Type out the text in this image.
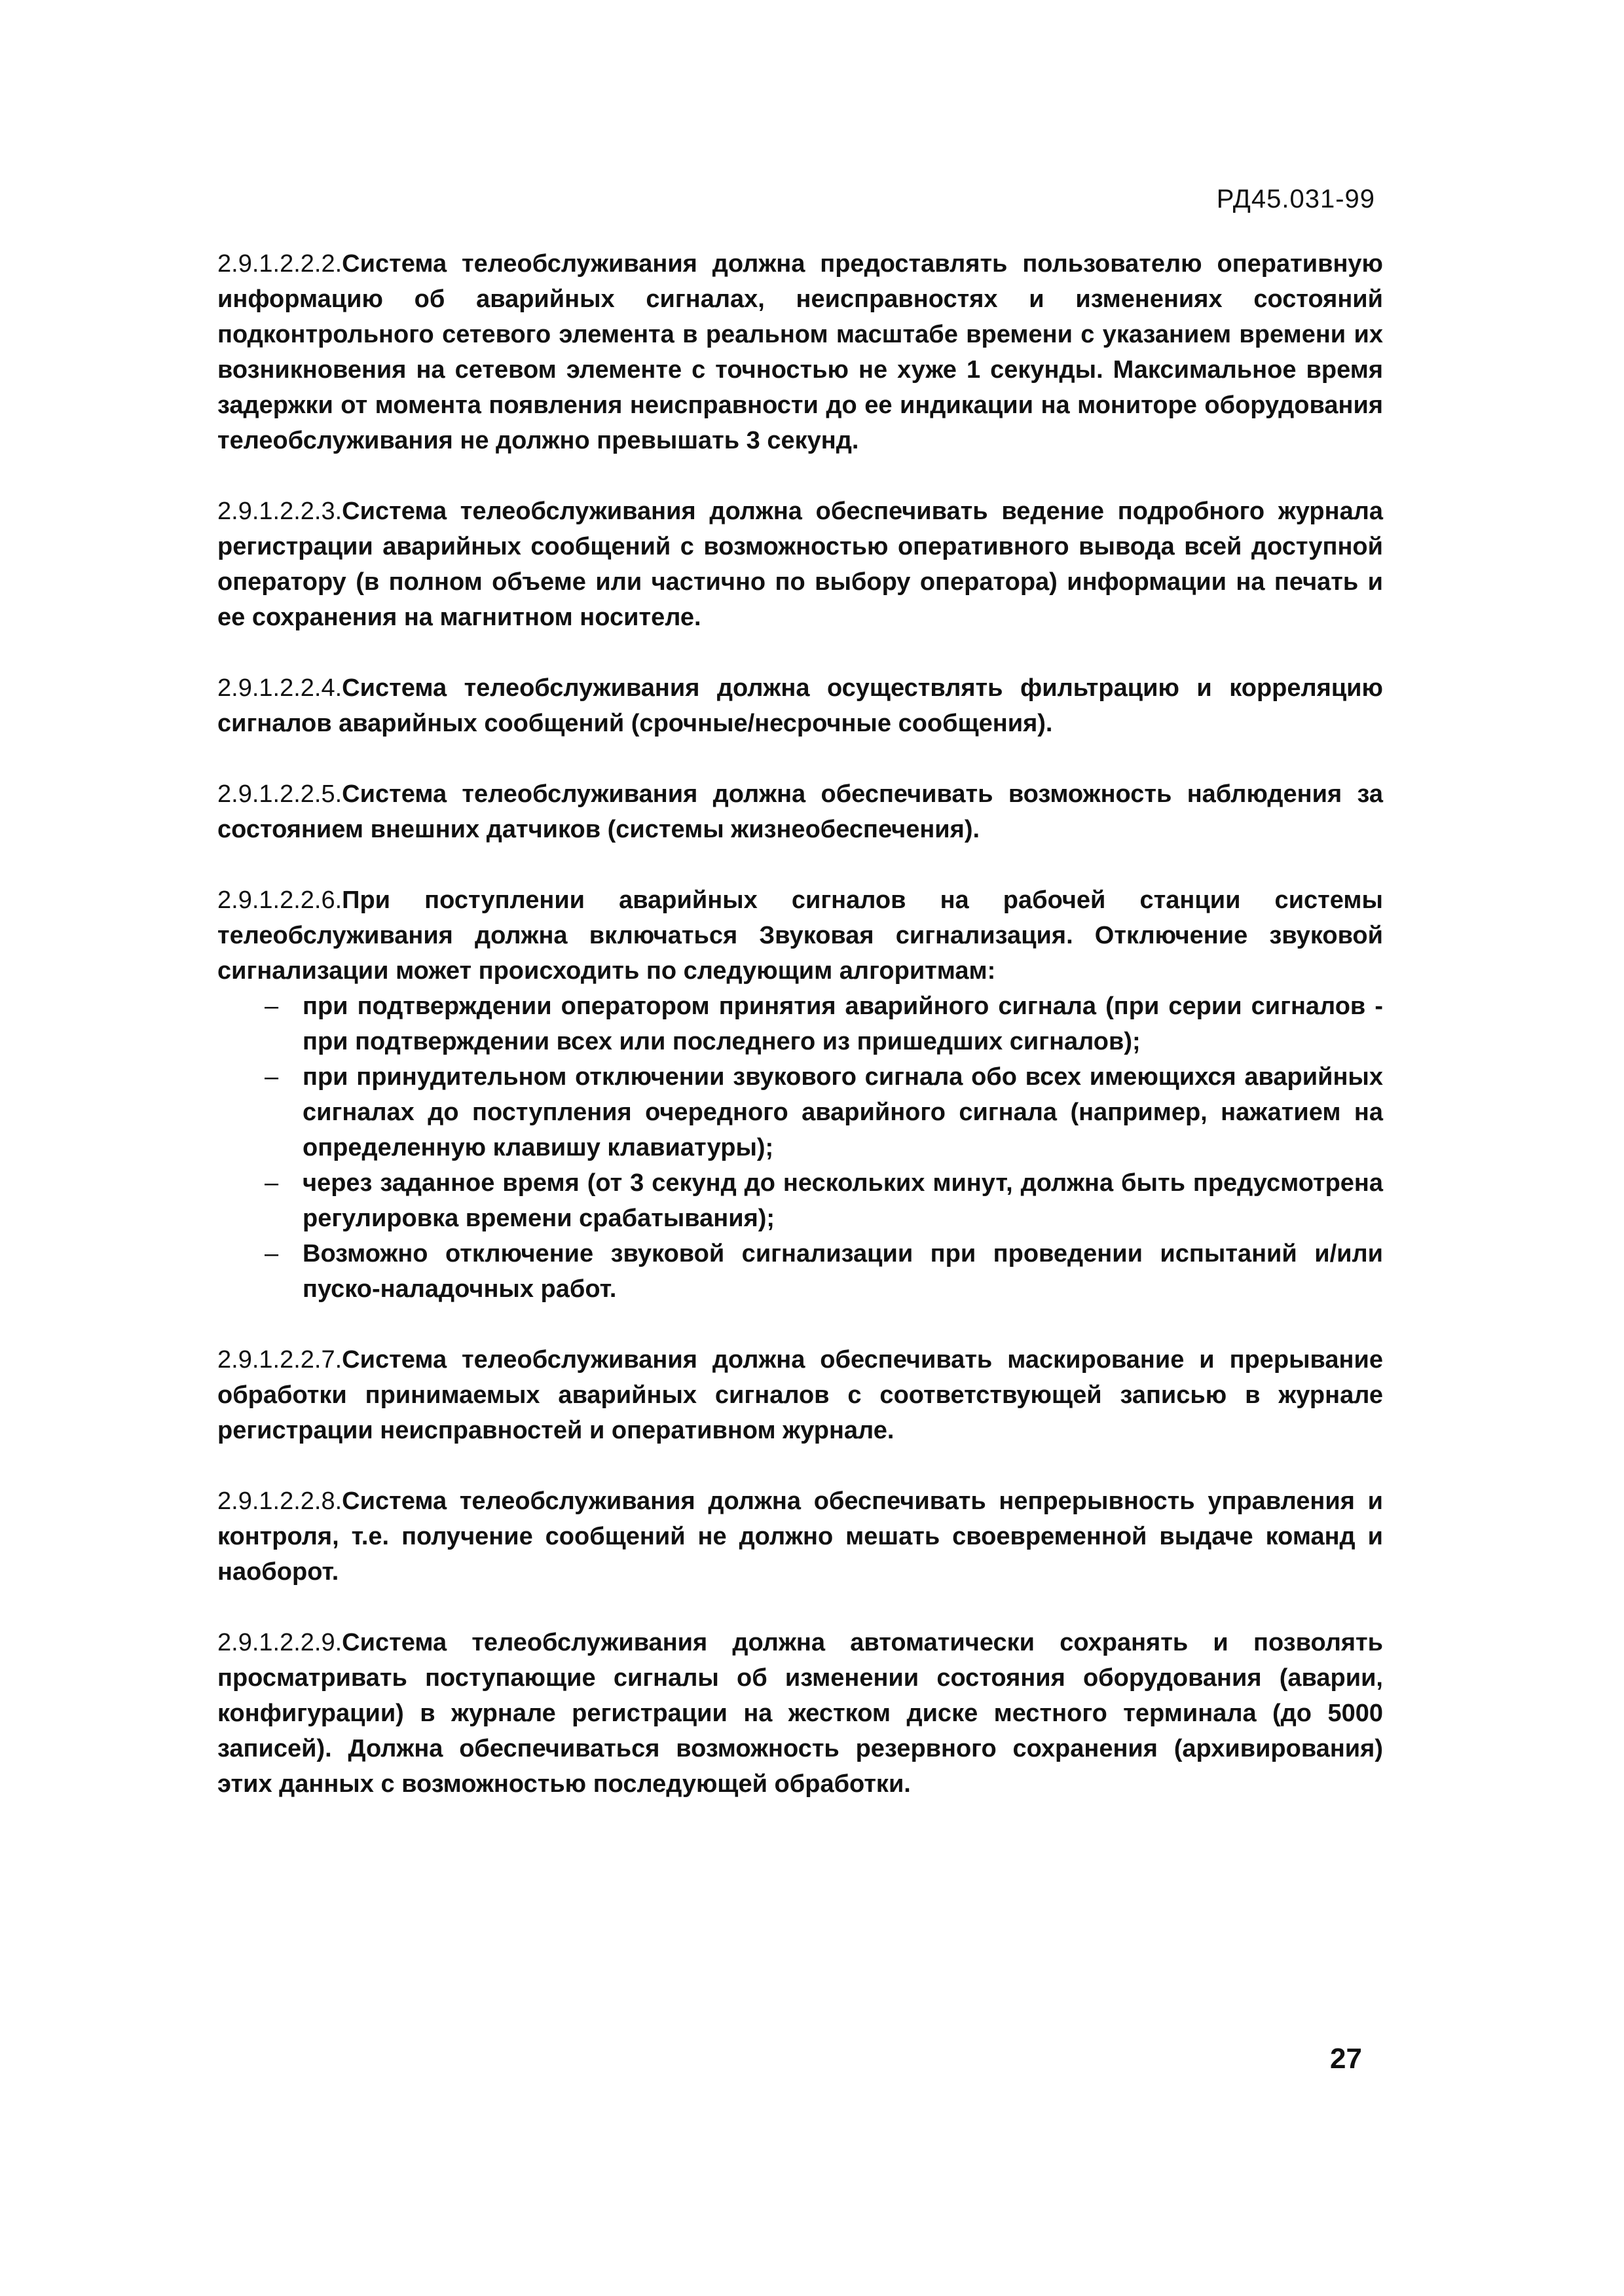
РД45.031-99

2.9.1.2.2.2.Система телеобслуживания должна предоставлять пользователю оперативную информацию об аварийных сигналах, неисправностях и изменениях состояний подконтрольного сетевого элемента в реальном масштабе времени с указанием времени их возникновения на сетевом элементе с точностью не хуже 1 секунды. Максимальное время задержки от момента появления неисправности до ее индикации на мониторе оборудования телеобслуживания не должно превышать 3 секунд.

2.9.1.2.2.3.Система телеобслуживания должна обеспечивать ведение подробного журнала регистрации аварийных сообщений с возможностью оперативного вывода всей доступной оператору (в полном объеме или частично по выбору оператора) информации на печать и ее сохранения на магнитном носителе.

2.9.1.2.2.4.Система телеобслуживания должна осуществлять фильтрацию и корреляцию сигналов аварийных сообщений (срочные/несрочные сообщения).

2.9.1.2.2.5.Система телеобслуживания должна обеспечивать возможность наблюдения за состоянием внешних датчиков (системы жизнеобеспечения).

2.9.1.2.2.6.При поступлении аварийных сигналов на рабочей станции системы телеобслуживания должна включаться Звуковая сигнализация. Отключение звуковой сигнализации может происходить по следующим алгоритмам:

– при подтверждении оператором принятия аварийного сигнала (при серии сигналов - при подтверждении всех или последнего из пришедших сигналов);
– при принудительном отключении звукового сигнала обо всех имеющихся аварийных сигналах до поступления очередного аварийного сигнала (например, нажатием на определенную клавишу клавиатуры);
– через заданное время (от 3 секунд до нескольких минут, должна быть предусмотрена регулировка времени срабатывания);
– Возможно отключение звуковой сигнализации при проведении испытаний и/или пуско-наладочных работ.

2.9.1.2.2.7.Система телеобслуживания должна обеспечивать маскирование и прерывание обработки принимаемых аварийных сигналов с соответствующей записью в журнале регистрации неисправностей и оперативном журнале.

2.9.1.2.2.8.Система телеобслуживания должна обеспечивать непрерывность управления и контроля, т.е. получение сообщений не должно мешать своевременной выдаче команд и наоборот.

2.9.1.2.2.9.Система телеобслуживания должна автоматически сохранять и позволять просматривать поступающие сигналы об изменении состояния оборудования (аварии, конфигурации) в журнале регистрации на жестком диске местного терминала (до 5000 записей). Должна обеспечиваться возможность резервного сохранения (архивирования) этих данных с возможностью последующей обработки.

27
